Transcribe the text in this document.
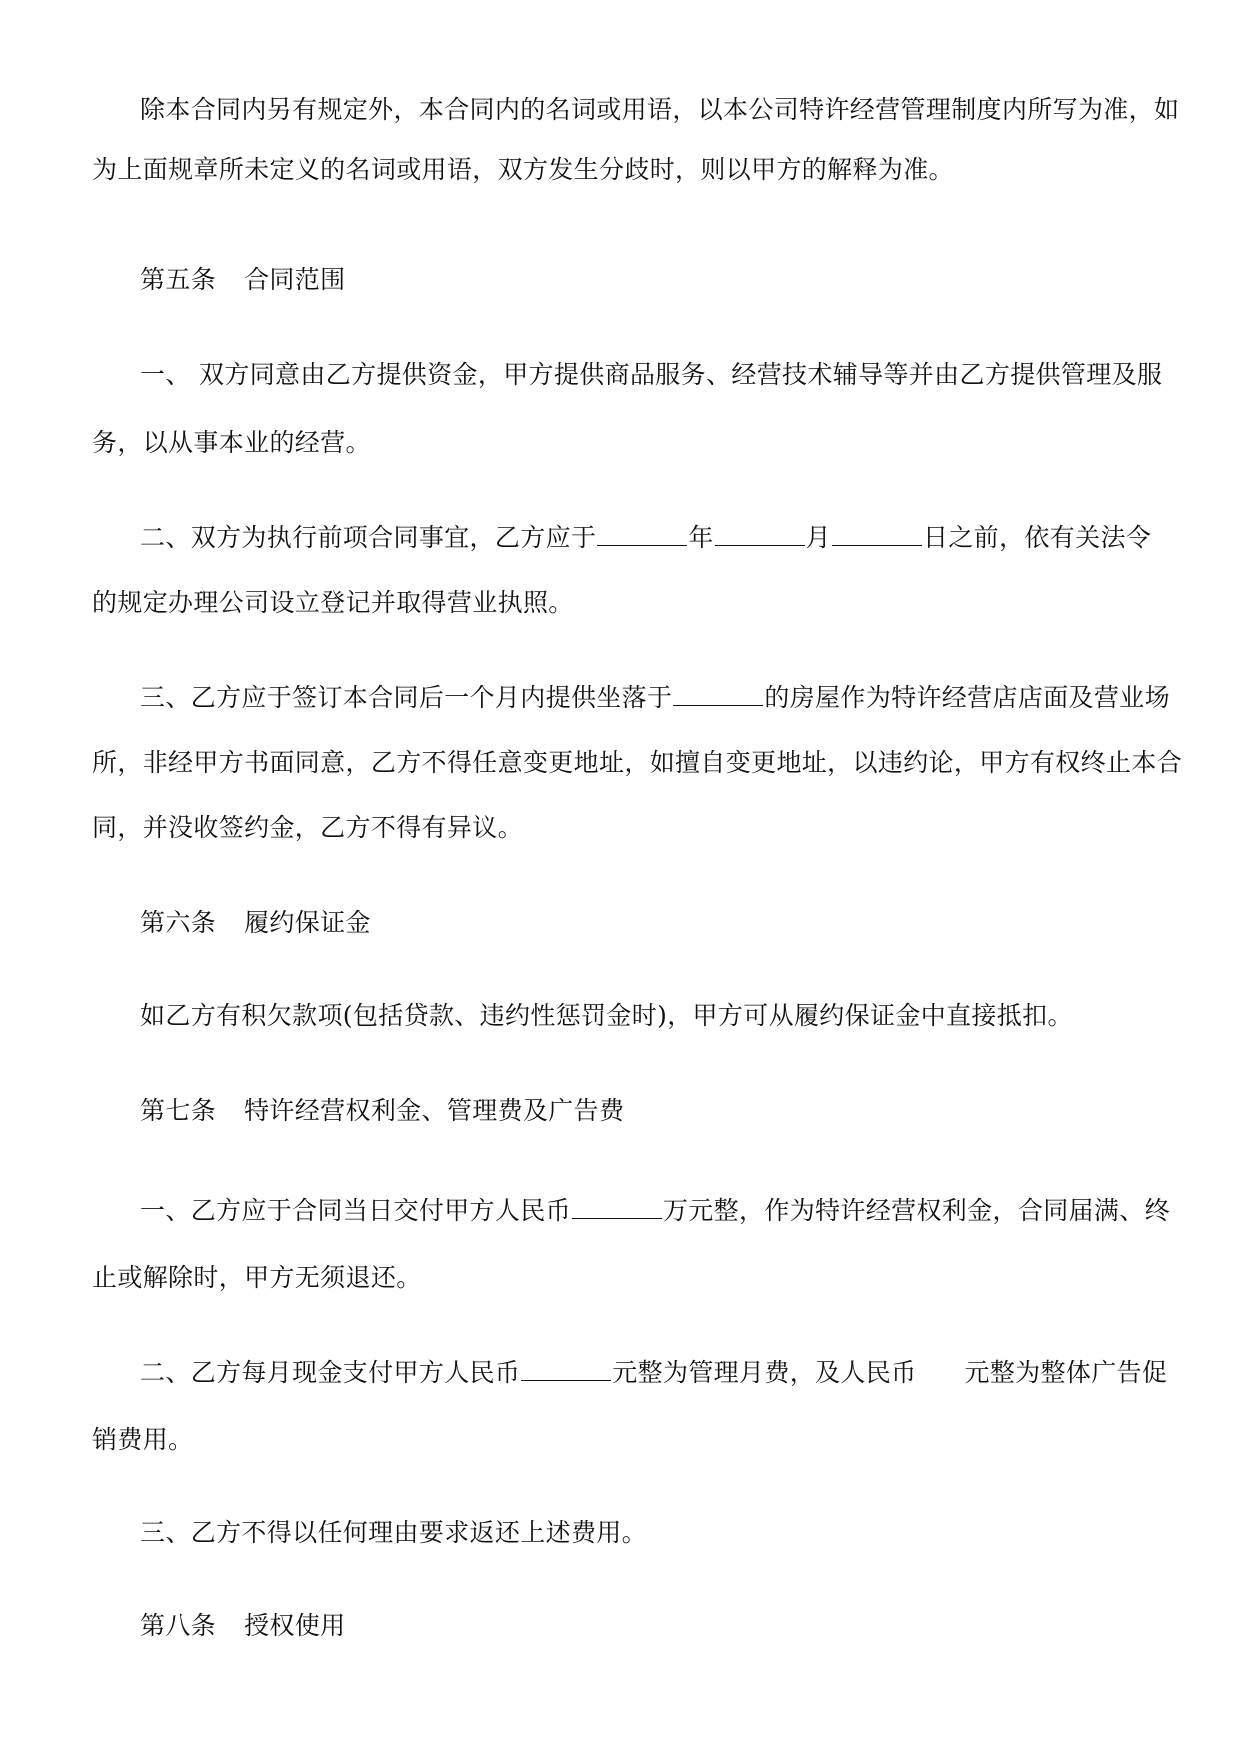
除本合同内另有规定外，本合同内的名词或用语，以本公司特许经营管理制度内所写为准，如
为上面规章所未定义的名词或用语，双方发生分歧时，则以甲方的解释为准。
第五条 合同范围
一、 双方同意由乙方提供资金，甲方提供商品服务、经营技术辅导等并由乙方提供管理及服
务，以从事本业的经营。
二、双方为执行前项合同事宜，乙方应于	年	月	日之前，依有关法令
的规定办理公司设立登记并取得营业执照。
三、乙方应于签订本合同后一个月内提供坐落于	的房屋作为特许经营店店面及营业场
所，非经甲方书面同意，乙方不得任意变更地址，如擅自变更地址，以违约论，甲方有权终止本合
同，并没收签约金，乙方不得有异议。
第六条 履约保证金
如乙方有积欠款项(包括贷款、违约性惩罚金时)，甲方可从履约保证金中直接抵扣。
第七条 特许经营权利金、管理费及广告费
一、乙方应于合同当日交付甲方人民币	万元整，作为特许经营权利金，合同届满、终
止或解除时，甲方无须退还。
二、乙方每月现金支付甲方人民币	元整为管理月费，及人民币 元整为整体广告促
销费用。
三、乙方不得以任何理由要求返还上述费用。
第八条 授权使用
